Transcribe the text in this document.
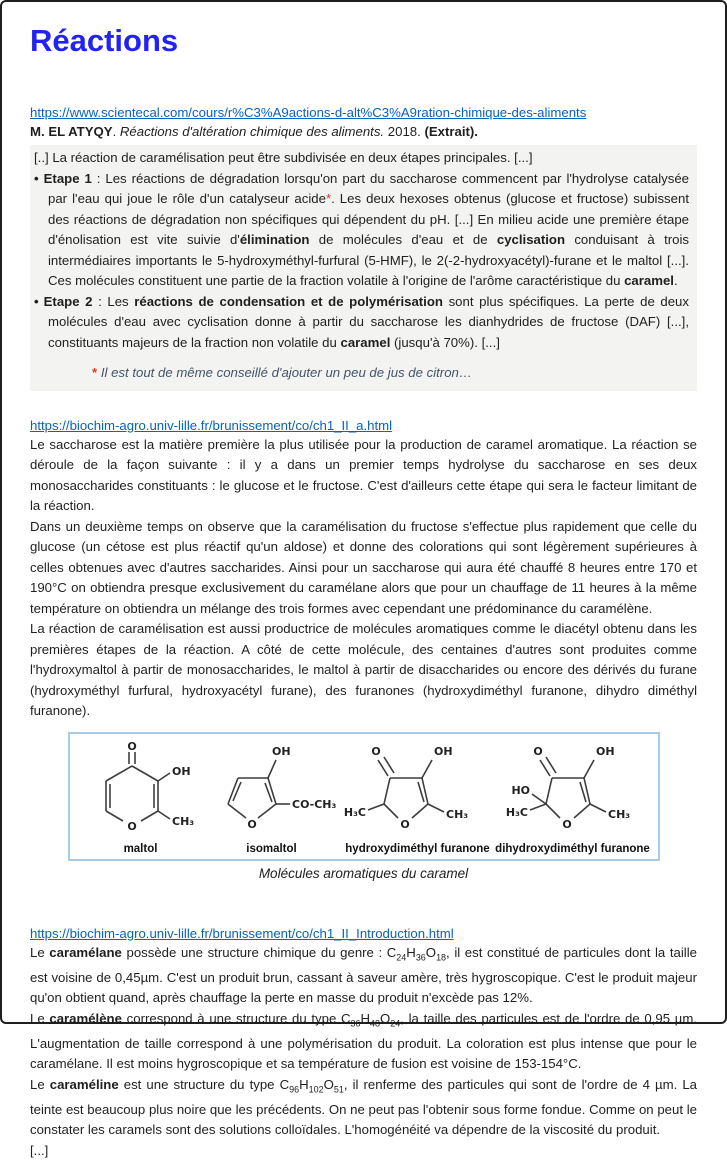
Réactions
https://www.scientecal.com/cours/r%C3%A9actions-d-alt%C3%A9ration-chimique-des-aliments

M. EL ATYQY. Réactions d'altération chimique des aliments. 2018. (Extrait).

[..] La réaction de caramélisation peut être subdivisée en deux étapes principales. [...]

• Etape 1 : Les réactions de dégradation lorsqu'on part du saccharose commencent par l'hydrolyse catalysée par l'eau qui joue le rôle d'un catalyseur acide*. Les deux hexoses obtenus (glucose et fructose) subissent des réactions de dégradation non spécifiques qui dépendent du pH. [...] En milieu acide une première étape d'énolisation est vite suivie d'élimination de molécules d'eau et de cyclisation conduisant à trois intermédiaires importants le 5-hydroxyméthyl-furfural (5-HMF), le 2(-2-hydroxyacétyl)-furane et le maltol [...]. Ces molécules constituent une partie de la fraction volatile à l'origine de l'arôme caractéristique du caramel.

• Etape 2 : Les réactions de condensation et de polymérisation sont plus spécifiques. La perte de deux molécules d'eau avec cyclisation donne à partir du saccharose les dianhydrides de fructose (DAF) [...], constituants majeurs de la fraction non volatile du caramel (jusqu'à 70%). [...]

* Il est tout de même conseillé d'ajouter un peu de jus de citron…

https://biochim-agro.univ-lille.fr/brunissement/co/ch1_II_a.html

Le saccharose est la matière première la plus utilisée pour la production de caramel aromatique. La réaction se déroule de la façon suivante : il y a dans un premier temps hydrolyse du saccharose en ses deux monosaccharides constituants : le glucose et le fructose. C'est d'ailleurs cette étape qui sera le facteur limitant de la réaction.

Dans un deuxième temps on observe que la caramélisation du fructose s'effectue plus rapidement que celle du glucose (un cétose est plus réactif qu'un aldose) et donne des colorations qui sont légèrement supérieures à celles obtenues avec d'autres saccharides. Ainsi pour un saccharose qui aura été chauffé 8 heures entre 170 et 190°C on obtiendra presque exclusivement du caramélane alors que pour un chauffage de 11 heures à la même température on obtiendra un mélange des trois formes avec cependant une prédominance du caramélène.

La réaction de caramélisation est aussi productrice de molécules aromatiques comme le diacétyl obtenu dans les premières étapes de la réaction. A côté de cette molécule, des centaines d'autres sont produites comme l'hydroxymaltol à partir de monosaccharides, le maltol à partir de disaccharides ou encore des dérivés du furane (hydroxyméthyl furfural, hydroxyacétyl furane), des furanones (hydroxydiméthyl furanone, dihydro diméthyl furanone).

O
O
OH
CH₃
maltol
O
OH
CO-CH₃
isomaltol
O
O	OH
H₃C	CH₃
hydroxydiméthyl furanone
O
O	OH
HO
H₃C	CH₃
dihydroxydiméthyl furanone

Molécules aromatiques du caramel

https://biochim-agro.univ-lille.fr/brunissement/co/ch1_II_Introduction.html

Le caramélane possède une structure chimique du genre : $C_{24}H_{36}O_{18}$, il est constitué de particules dont la taille est voisine de 0,45µm. C'est un produit brun, cassant à saveur amère, très hygroscopique. C'est le produit majeur qu'on obtient quand, après chauffage la perte en masse du produit n'excède pas 12%.

Le caramélène correspond à une structure du type $C_{36}H_{48}O_{24}$, la taille des particules est de l'ordre de 0,95 µm. L'augmentation de taille correspond à une polymérisation du produit. La coloration est plus intense que pour le caramélane. Il est moins hygroscopique et sa température de fusion est voisine de 153-154°C.

Le caraméline est une structure du type $C_{96}H_{102}O_{51}$, il renferme des particules qui sont de l'ordre de 4 µm. La teinte est beaucoup plus noire que les précédents. On ne peut pas l'obtenir sous forme fondue. Comme on peut le constater les caramels sont des solutions colloïdales. L'homogénéité va dépendre de la viscosité du produit.

[...]
